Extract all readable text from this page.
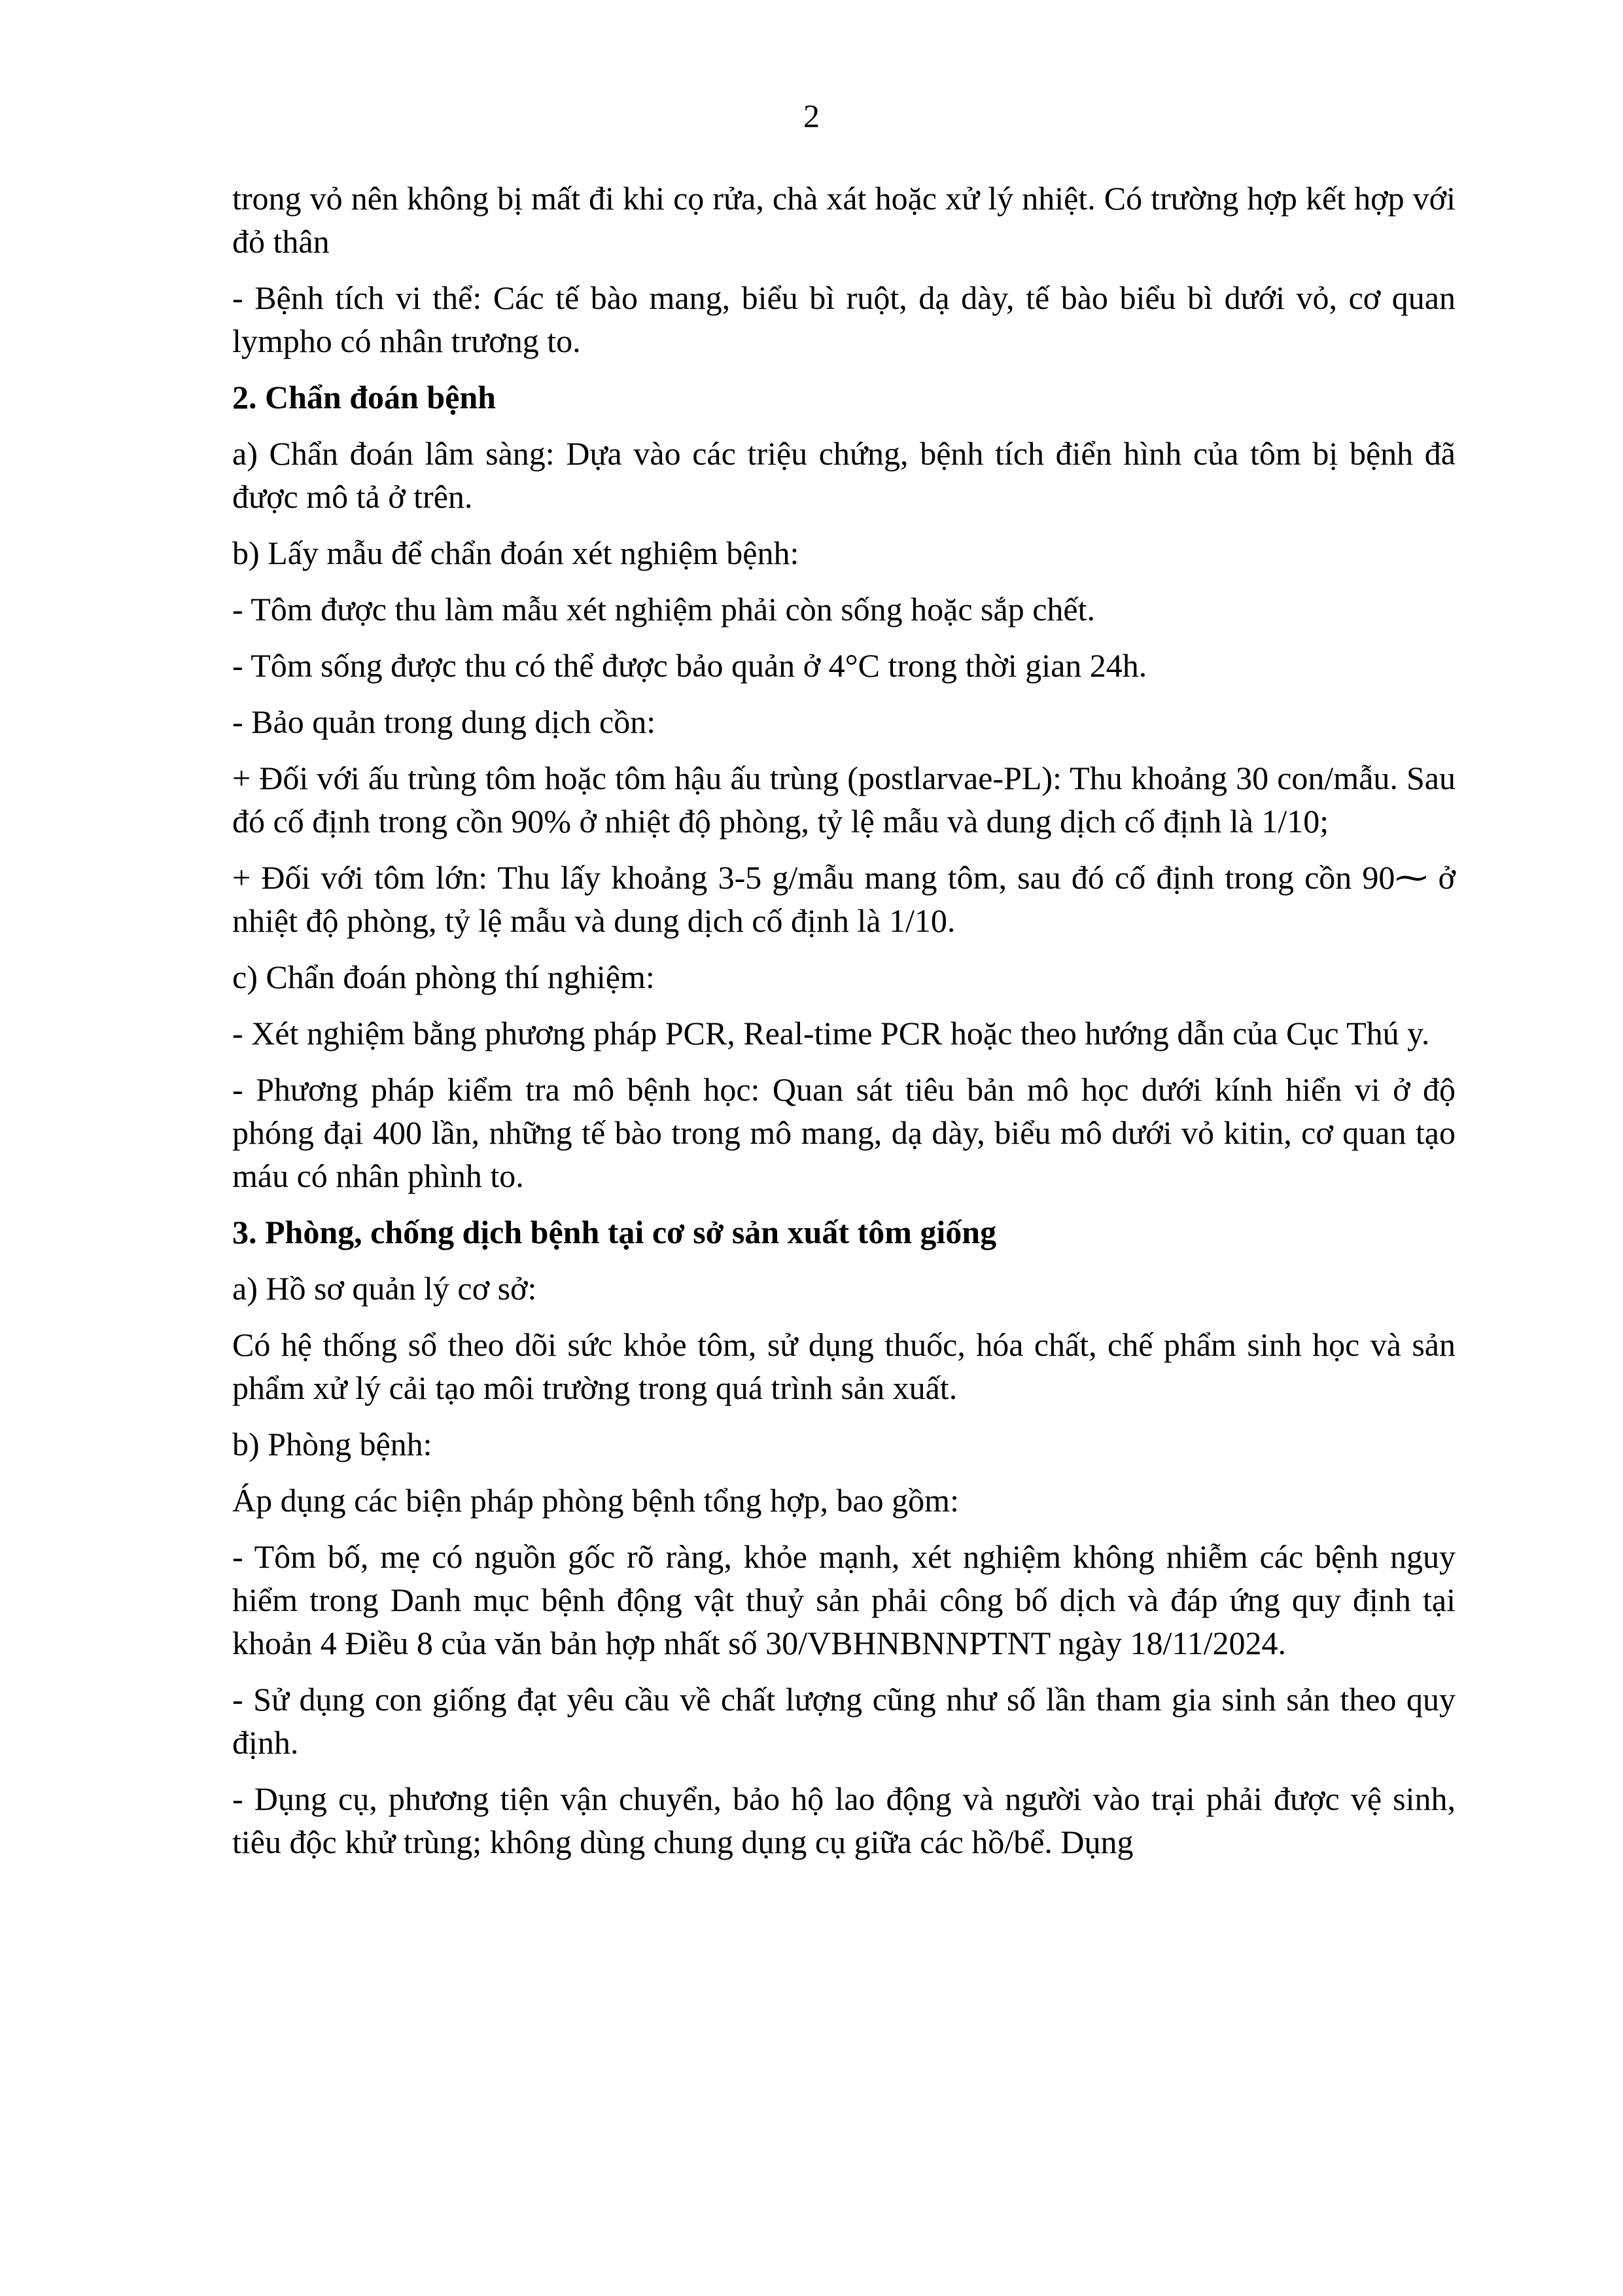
2

trong vỏ nên không bị mất đi khi cọ rửa, chà xát hoặc xử lý nhiệt. Có trường hợp kết hợp với đỏ thân

- Bệnh tích vi thể: Các tế bào mang, biểu bì ruột, dạ dày, tế bào biểu bì dưới vỏ, cơ quan lympho có nhân trương to.

2. Chẩn đoán bệnh

a) Chẩn đoán lâm sàng: Dựa vào các triệu chứng, bệnh tích điển hình của tôm bị bệnh đã được mô tả ở trên.

b) Lấy mẫu để chẩn đoán xét nghiệm bệnh:

- Tôm được thu làm mẫu xét nghiệm phải còn sống hoặc sắp chết.

- Tôm sống được thu có thể được bảo quản ở 4°C trong thời gian 24h.

- Bảo quản trong dung dịch cồn:

+ Đối với ấu trùng tôm hoặc tôm hậu ấu trùng (postlarvae-PL): Thu khoảng 30 con/mẫu. Sau đó cố định trong cồn 90% ở nhiệt độ phòng, tỷ lệ mẫu và dung dịch cố định là 1/10;

+ Đối với tôm lớn: Thu lấy khoảng 3-5 g/mẫu mang tôm, sau đó cố định trong cồn 90⁓ ở nhiệt độ phòng, tỷ lệ mẫu và dung dịch cố định là 1/10.

c) Chẩn đoán phòng thí nghiệm:

- Xét nghiệm bằng phương pháp PCR, Real-time PCR hoặc theo hướng dẫn của Cục Thú y.

- Phương pháp kiểm tra mô bệnh học: Quan sát tiêu bản mô học dưới kính hiển vi ở độ phóng đại 400 lần, những tế bào trong mô mang, dạ dày, biểu mô dưới vỏ kitin, cơ quan tạo máu có nhân phình to.

3. Phòng, chống dịch bệnh tại cơ sở sản xuất tôm giống

a) Hồ sơ quản lý cơ sở:

Có hệ thống sổ theo dõi sức khỏe tôm, sử dụng thuốc, hóa chất, chế phẩm sinh học và sản phẩm xử lý cải tạo môi trường trong quá trình sản xuất.

b) Phòng bệnh:

Áp dụng các biện pháp phòng bệnh tổng hợp, bao gồm:

- Tôm bố, mẹ có nguồn gốc rõ ràng, khỏe mạnh, xét nghiệm không nhiễm các bệnh nguy hiểm trong Danh mục bệnh động vật thuỷ sản phải công bố dịch và đáp ứng quy định tại khoản 4 Điều 8 của văn bản hợp nhất số 30/VBHNBNNPTNT ngày 18/11/2024.

- Sử dụng con giống đạt yêu cầu về chất lượng cũng như số lần tham gia sinh sản theo quy định.

- Dụng cụ, phương tiện vận chuyển, bảo hộ lao động và người vào trại phải được vệ sinh, tiêu độc khử trùng; không dùng chung dụng cụ giữa các hồ/bể. Dụng
